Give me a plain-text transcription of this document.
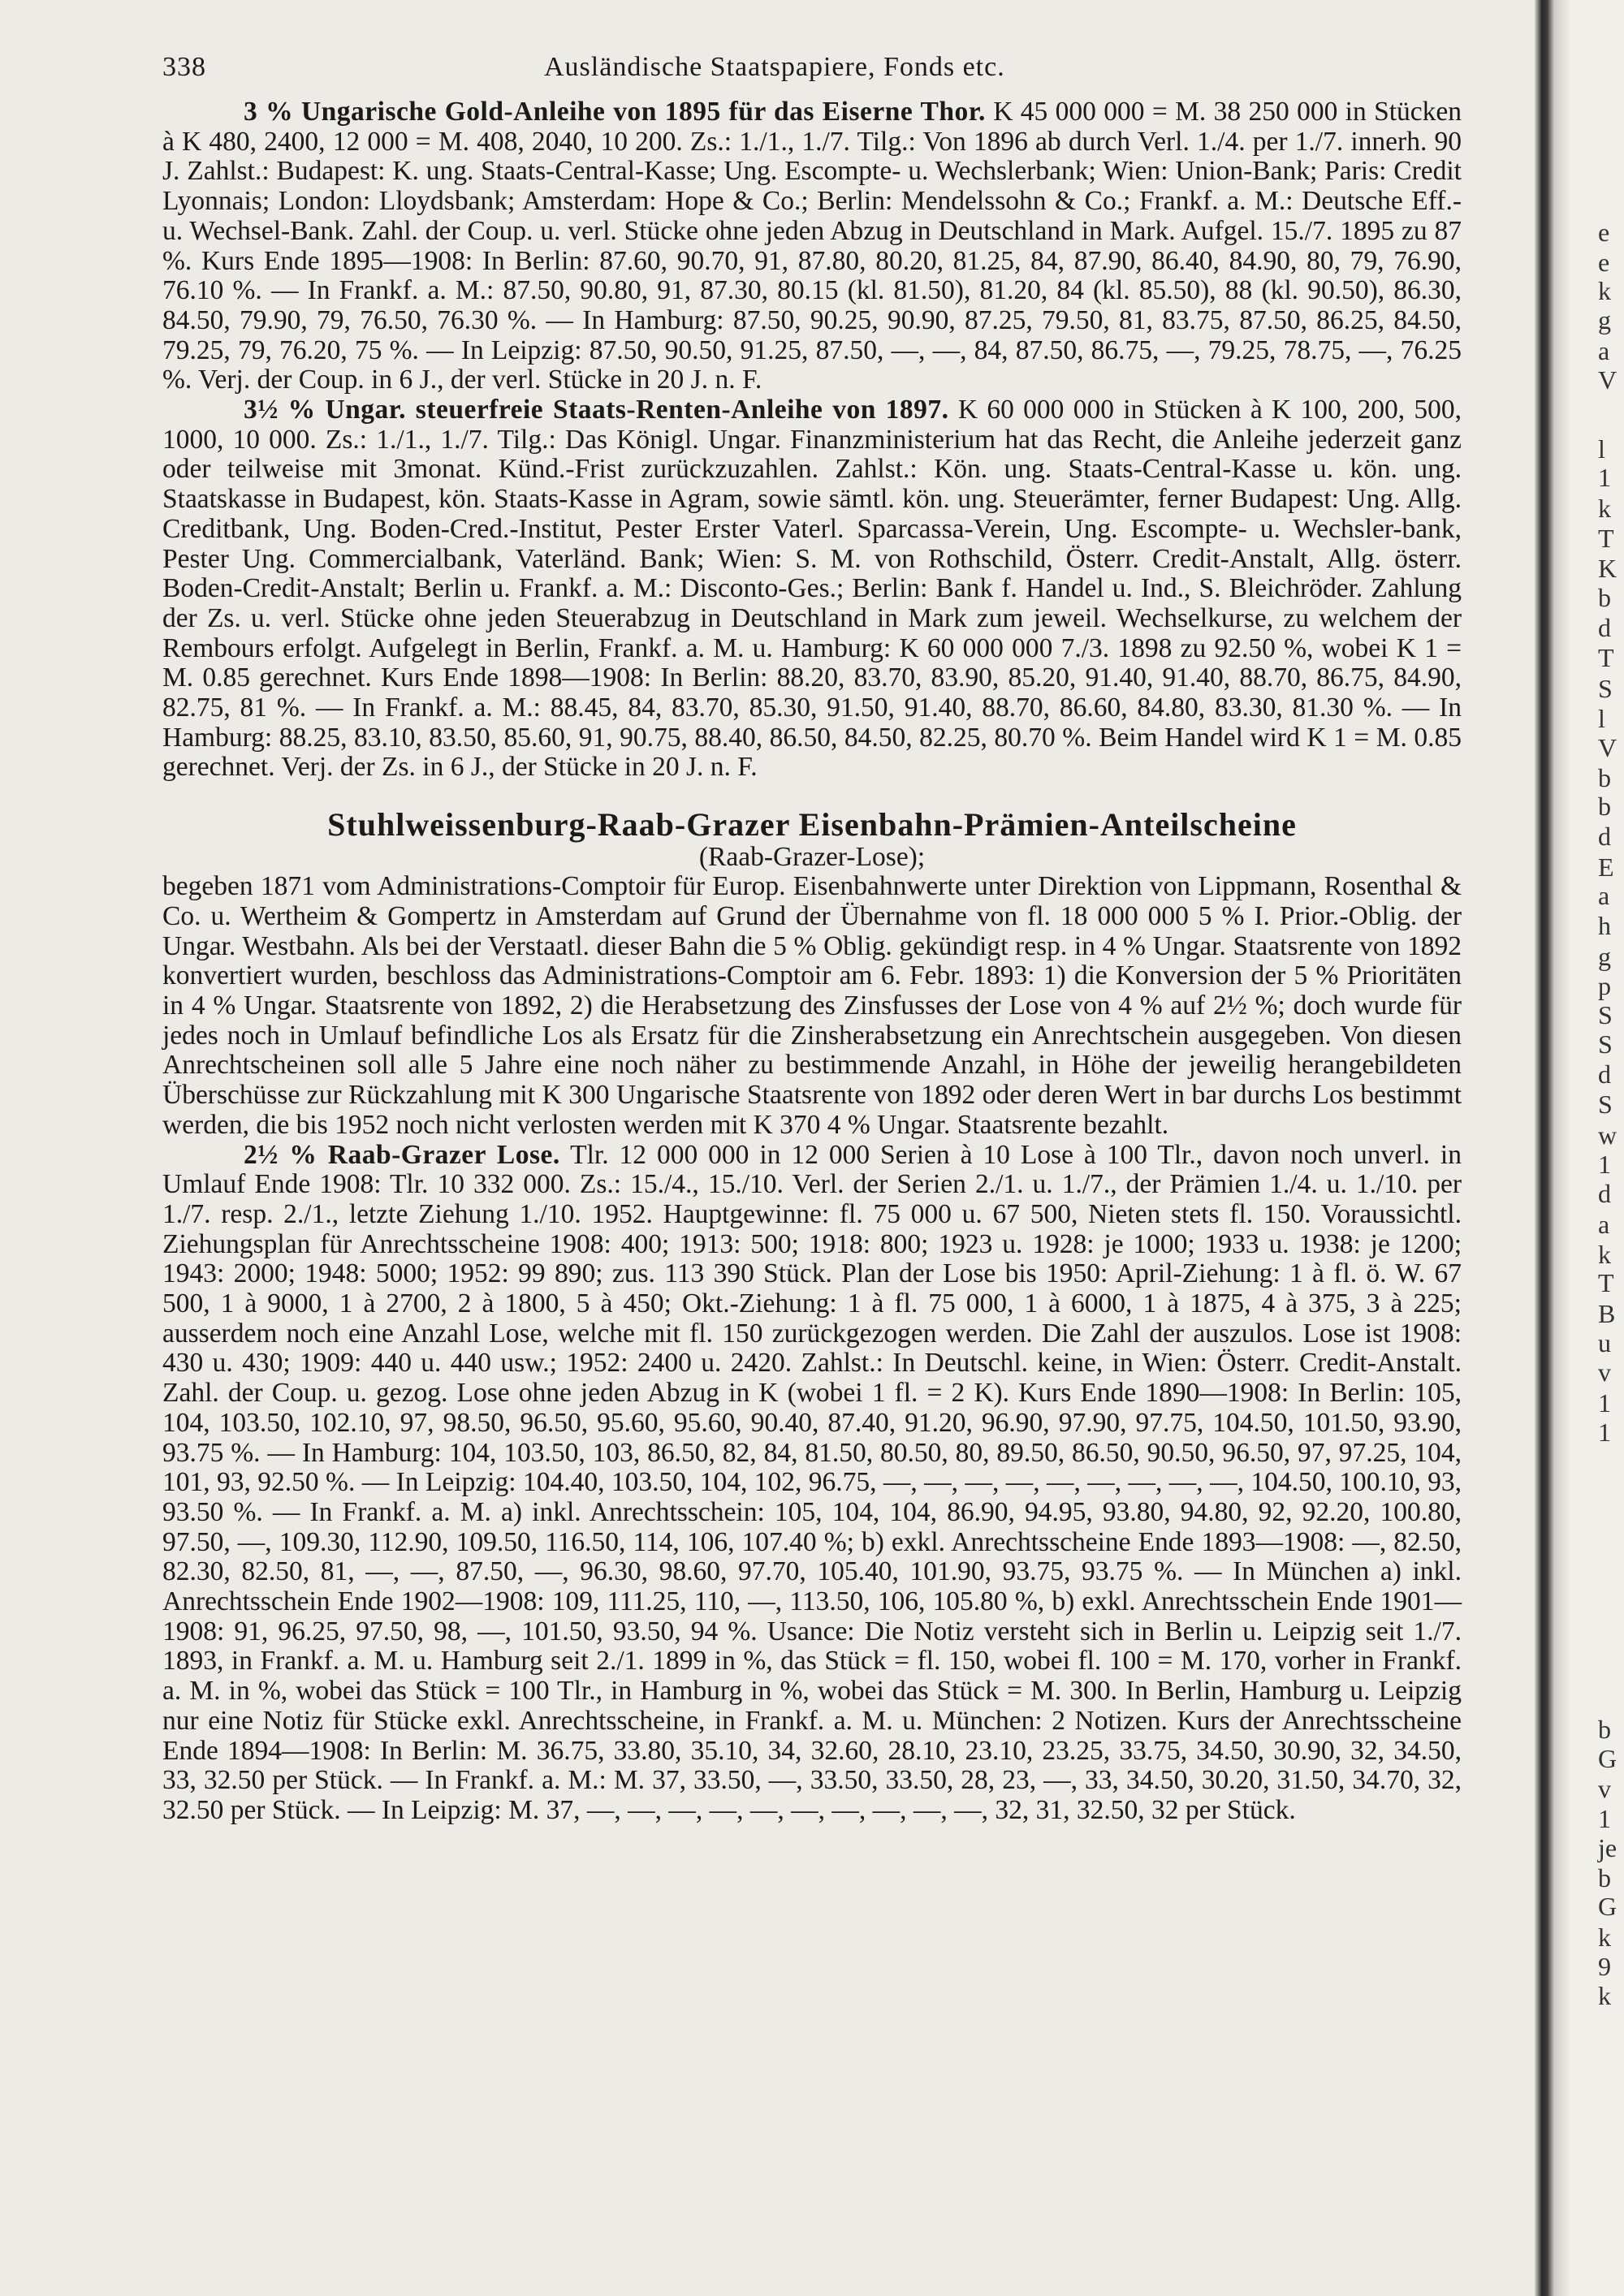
338	Ausländische Staatspapiere, Fonds etc.

3 % Ungarische Gold-Anleihe von 1895 für das Eiserne Thor. K 45 000 000 = M. 38 250 000 in Stücken à K 480, 2400, 12 000 = M. 408, 2040, 10 200. Zs.: 1./1., 1./7. Tilg.: Von 1896 ab durch Verl. 1./4. per 1./7. innerh. 90 J. Zahlst.: Budapest: K. ung. Staats-Central-Kasse; Ung. Escompte- u. Wechslerbank; Wien: Union-Bank; Paris: Credit Lyonnais; London: Lloydsbank; Amsterdam: Hope & Co.; Berlin: Mendelssohn & Co.; Frankf. a. M.: Deutsche Eff.- u. Wechsel-Bank. Zahl. der Coup. u. verl. Stücke ohne jeden Abzug in Deutschland in Mark. Aufgel. 15./7. 1895 zu 87 %. Kurs Ende 1895—1908: In Berlin: 87.60, 90.70, 91, 87.80, 80.20, 81.25, 84, 87.90, 86.40, 84.90, 80, 79, 76.90, 76.10 %. — In Frankf. a. M.: 87.50, 90.80, 91, 87.30, 80.15 (kl. 81.50), 81.20, 84 (kl. 85.50), 88 (kl. 90.50), 86.30, 84.50, 79.90, 79, 76.50, 76.30 %. — In Hamburg: 87.50, 90.25, 90.90, 87.25, 79.50, 81, 83.75, 87.50, 86.25, 84.50, 79.25, 79, 76.20, 75 %. — In Leipzig: 87.50, 90.50, 91.25, 87.50, —, —, 84, 87.50, 86.75, —, 79.25, 78.75, —, 76.25 %. Verj. der Coup. in 6 J., der verl. Stücke in 20 J. n. F.

3½ % Ungar. steuerfreie Staats-Renten-Anleihe von 1897. K 60 000 000 in Stücken à K 100, 200, 500, 1000, 10 000. Zs.: 1./1., 1./7. Tilg.: Das Königl. Ungar. Finanzministerium hat das Recht, die Anleihe jederzeit ganz oder teilweise mit 3monat. Künd.-Frist zurückzuzahlen. Zahlst.: Kön. ung. Staats-Central-Kasse u. kön. ung. Staatskasse in Budapest, kön. Staats-Kasse in Agram, sowie sämtl. kön. ung. Steuerämter, ferner Budapest: Ung. Allg. Creditbank, Ung. Boden-Cred.-Institut, Pester Erster Vaterl. Sparcassa-Verein, Ung. Escompte- u. Wechsler-bank, Pester Ung. Commercialbank, Vaterländ. Bank; Wien: S. M. von Rothschild, Österr. Credit-Anstalt, Allg. österr. Boden-Credit-Anstalt; Berlin u. Frankf. a. M.: Disconto-Ges.; Berlin: Bank f. Handel u. Ind., S. Bleichröder. Zahlung der Zs. u. verl. Stücke ohne jeden Steuerabzug in Deutschland in Mark zum jeweil. Wechselkurse, zu welchem der Rembours erfolgt. Aufgelegt in Berlin, Frankf. a. M. u. Hamburg: K 60 000 000 7./3. 1898 zu 92.50 %, wobei K 1 = M. 0.85 gerechnet. Kurs Ende 1898—1908: In Berlin: 88.20, 83.70, 83.90, 85.20, 91.40, 91.40, 88.70, 86.75, 84.90, 82.75, 81 %. — In Frankf. a. M.: 88.45, 84, 83.70, 85.30, 91.50, 91.40, 88.70, 86.60, 84.80, 83.30, 81.30 %. — In Hamburg: 88.25, 83.10, 83.50, 85.60, 91, 90.75, 88.40, 86.50, 84.50, 82.25, 80.70 %. Beim Handel wird K 1 = M. 0.85 gerechnet. Verj. der Zs. in 6 J., der Stücke in 20 J. n. F.

Stuhlweissenburg-Raab-Grazer Eisenbahn-Prämien-Anteilscheine
(Raab-Grazer-Lose);

begeben 1871 vom Administrations-Comptoir für Europ. Eisenbahnwerte unter Direktion von Lippmann, Rosenthal & Co. u. Wertheim & Gompertz in Amsterdam auf Grund der Übernahme von fl. 18 000 000 5 % I. Prior.-Oblig. der Ungar. Westbahn. Als bei der Verstaatl. dieser Bahn die 5 % Oblig. gekündigt resp. in 4 % Ungar. Staatsrente von 1892 konvertiert wurden, beschloss das Administrations-Comptoir am 6. Febr. 1893: 1) die Konversion der 5 % Prioritäten in 4 % Ungar. Staatsrente von 1892, 2) die Herabsetzung des Zinsfusses der Lose von 4 % auf 2½ %; doch wurde für jedes noch in Umlauf befindliche Los als Ersatz für die Zinsherabsetzung ein Anrechtschein ausgegeben. Von diesen Anrechtscheinen soll alle 5 Jahre eine noch näher zu bestimmende Anzahl, in Höhe der jeweilig herangebildeten Überschüsse zur Rückzahlung mit K 300 Ungarische Staatsrente von 1892 oder deren Wert in bar durchs Los bestimmt werden, die bis 1952 noch nicht verlosten werden mit K 370 4 % Ungar. Staatsrente bezahlt.

2½ % Raab-Grazer Lose. Tlr. 12 000 000 in 12 000 Serien à 10 Lose à 100 Tlr., davon noch unverl. in Umlauf Ende 1908: Tlr. 10 332 000. Zs.: 15./4., 15./10. Verl. der Serien 2./1. u. 1./7., der Prämien 1./4. u. 1./10. per 1./7. resp. 2./1., letzte Ziehung 1./10. 1952. Hauptgewinne: fl. 75 000 u. 67 500, Nieten stets fl. 150. Voraussichtl. Ziehungsplan für Anrechtsscheine 1908: 400; 1913: 500; 1918: 800; 1923 u. 1928: je 1000; 1933 u. 1938: je 1200; 1943: 2000; 1948: 5000; 1952: 99 890; zus. 113 390 Stück. Plan der Lose bis 1950: April-Ziehung: 1 à fl. ö. W. 67 500, 1 à 9000, 1 à 2700, 2 à 1800, 5 à 450; Okt.-Ziehung: 1 à fl. 75 000, 1 à 6000, 1 à 1875, 4 à 375, 3 à 225; ausserdem noch eine Anzahl Lose, welche mit fl. 150 zurückgezogen werden. Die Zahl der auszulos. Lose ist 1908: 430 u. 430; 1909: 440 u. 440 usw.; 1952: 2400 u. 2420. Zahlst.: In Deutschl. keine, in Wien: Österr. Credit-Anstalt. Zahl. der Coup. u. gezog. Lose ohne jeden Abzug in K (wobei 1 fl. = 2 K). Kurs Ende 1890—1908: In Berlin: 105, 104, 103.50, 102.10, 97, 98.50, 96.50, 95.60, 95.60, 90.40, 87.40, 91.20, 96.90, 97.90, 97.75, 104.50, 101.50, 93.90, 93.75 %. — In Hamburg: 104, 103.50, 103, 86.50, 82, 84, 81.50, 80.50, 80, 89.50, 86.50, 90.50, 96.50, 97, 97.25, 104, 101, 93, 92.50 %. — In Leipzig: 104.40, 103.50, 104, 102, 96.75, —, —, —, —, —, —, —, —, —, 104.50, 100.10, 93, 93.50 %. — In Frankf. a. M. a) inkl. Anrechtsschein: 105, 104, 104, 86.90, 94.95, 93.80, 94.80, 92, 92.20, 100.80, 97.50, —, 109.30, 112.90, 109.50, 116.50, 114, 106, 107.40 %; b) exkl. Anrechtsscheine Ende 1893—1908: —, 82.50, 82.30, 82.50, 81, —, —, 87.50, —, 96.30, 98.60, 97.70, 105.40, 101.90, 93.75, 93.75 %. — In München a) inkl. Anrechtsschein Ende 1902—1908: 109, 111.25, 110, —, 113.50, 106, 105.80 %, b) exkl. Anrechtsschein Ende 1901—1908: 91, 96.25, 97.50, 98, —, 101.50, 93.50, 94 %. Usance: Die Notiz versteht sich in Berlin u. Leipzig seit 1./7. 1893, in Frankf. a. M. u. Hamburg seit 2./1. 1899 in %, das Stück = fl. 150, wobei fl. 100 = M. 170, vorher in Frankf. a. M. in %, wobei das Stück = 100 Tlr., in Hamburg in %, wobei das Stück = M. 300. In Berlin, Hamburg u. Leipzig nur eine Notiz für Stücke exkl. Anrechtsscheine, in Frankf. a. M. u. München: 2 Notizen. Kurs der Anrechtsscheine Ende 1894—1908: In Berlin: M. 36.75, 33.80, 35.10, 34, 32.60, 28.10, 23.10, 23.25, 33.75, 34.50, 30.90, 32, 34.50, 33, 32.50 per Stück. — In Frankf. a. M.: M. 37, 33.50, —, 33.50, 33.50, 28, 23, —, 33, 34.50, 30.20, 31.50, 34.70, 32, 32.50 per Stück. — In Leipzig: M. 37, —, —, —, —, —, —, —, —, —, —, 32, 31, 32.50, 32 per Stück.

e
e
k
g
a
V
l
1
k
T
K
b
d
T
S
l
V
b
b
d
E
a
h
g
p
S
S
d
S
w
1
d
a
k
T
B
u
v
1
1
b
G
v
1
je
b
G
k
9
k
